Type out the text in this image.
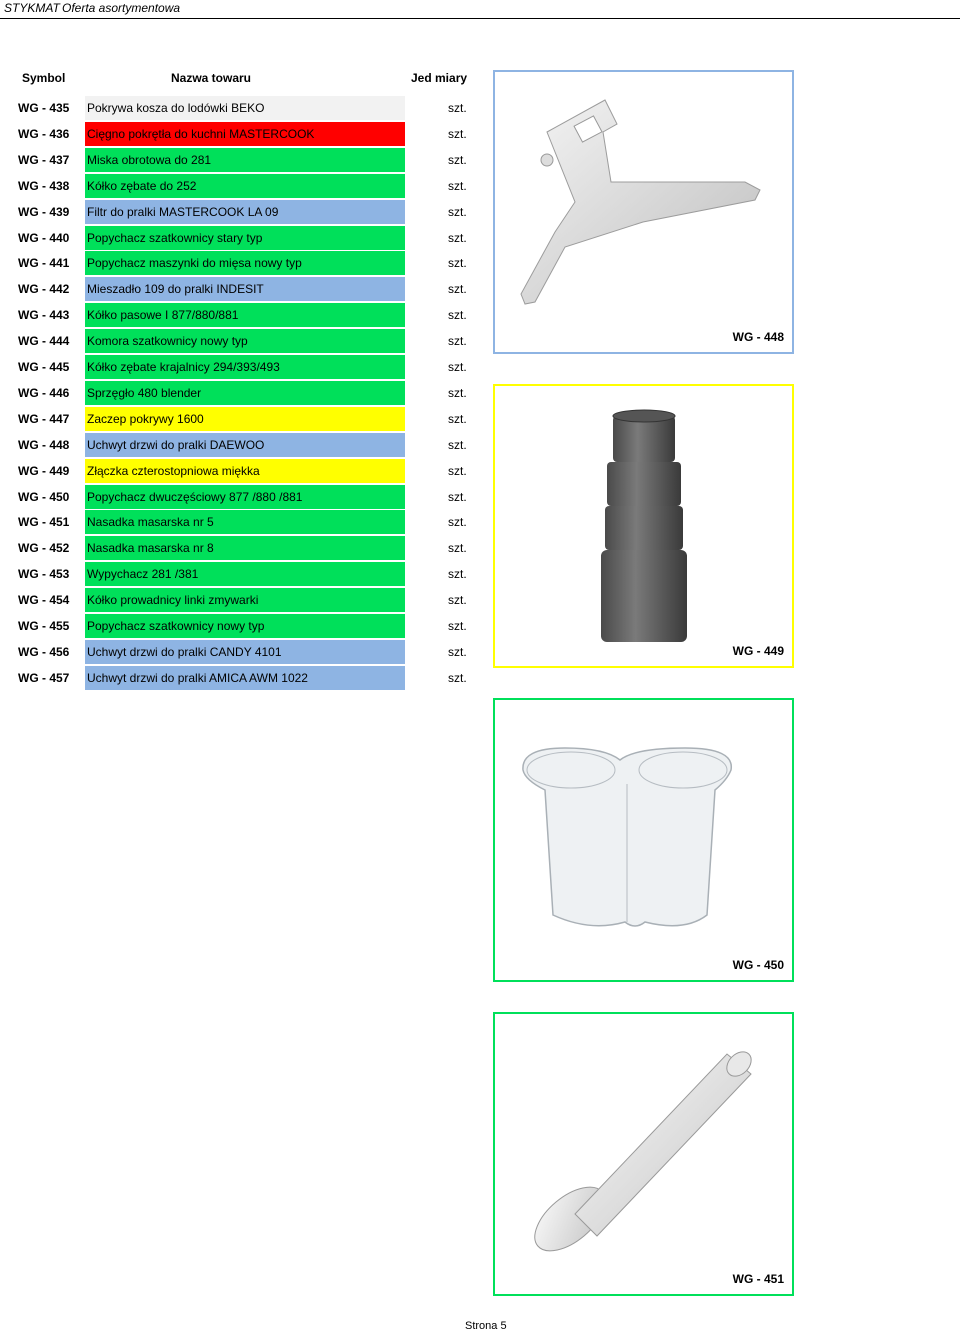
STYKMAT Oferta asortymentowa
Symbol	Nazwa towaru	Jed miary
WG - 435 Pokrywa kosza do lodówki BEKO	szt.
WG - 436 Cięgno pokrętła do kuchni MASTERCOOK	szt.
WG - 437 Miska obrotowa do 281	szt.
WG - 438 Kółko zębate do 252	szt.
WG - 439 Filtr do pralki MASTERCOOK LA 09	szt.
WG - 440 Popychacz szatkownicy stary typ	szt.
WG - 441 Popychacz maszynki do mięsa nowy typ	szt.
WG - 442 Mieszadło 109 do pralki INDESIT	szt.
WG - 443 Kółko pasowe I 877/880/881	szt.
WG - 444 Komora szatkownicy nowy typ	szt.
WG - 445 Kółko zębate krajalnicy 294/393/493	szt.
WG - 446 Sprzęgło 480 blender	szt.
WG - 447 Zaczep pokrywy 1600	szt.
WG - 448 Uchwyt drzwi do pralki DAEWOO	szt.
WG - 449 Złączka czterostopniowa miękka	szt.
WG - 450 Popychacz dwuczęściowy 877 /880 /881	szt.
WG - 451 Nasadka masarska nr 5	szt.
WG - 452 Nasadka masarska nr 8	szt.
WG - 453 Wypychacz 281 /381	szt.
WG - 454 Kółko prowadnicy linki zmywarki	szt.
WG - 455 Popychacz szatkownicy nowy typ	szt.
WG - 456 Uchwyt drzwi do pralki CANDY 4101	szt.
WG - 457 Uchwyt drzwi do pralki AMICA AWM 1022	szt.
WG - 448
WG - 449
WG - 450
WG - 451
Strona 5
